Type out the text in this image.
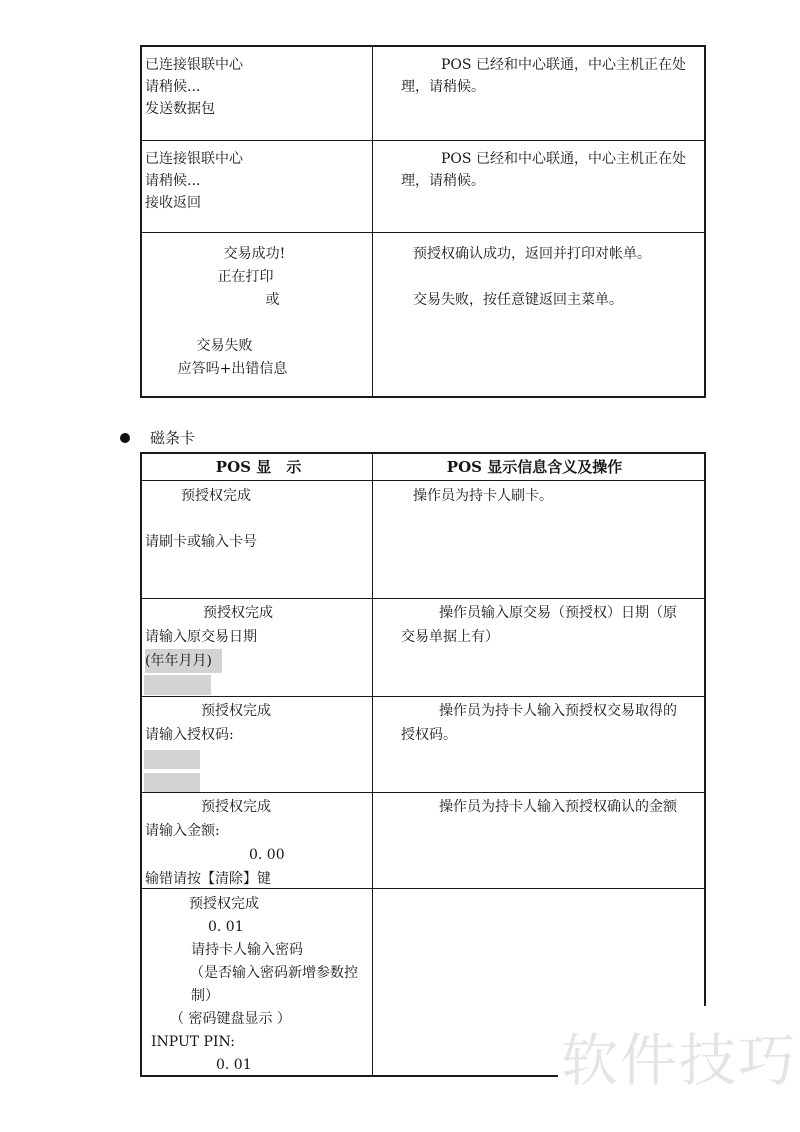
已连接银联中心
请稍候...
发送数据包
POS 已经和中心联通，中心主机正在处
理，请稍候。
已连接银联中心
请稍候...
接收返回
POS 已经和中心联通，中心主机正在处
理，请稍候。
交易成功!
正在打印
或
交易失败
应答吗+出错信息
预授权确认成功，返回并打印对帐单。
交易失败，按任意键返回主菜单。
磁条卡
POS 显　示	POS 显示信息含义及操作
预授权完成
请刷卡或输入卡号
操作员为持卡人刷卡。
预授权完成
请输入原交易日期
(年年月月)
操作员输入原交易（预授权）日期（原
交易单据上有）
预授权完成
请输入授权码:
操作员为持卡人输入预授权交易取得的
授权码。
预授权完成
请输入金额:
0. 00
输错请按【清除】键
操作员为持卡人输入预授权确认的金额
预授权完成
0. 01
请持卡人输入密码
（是否输入密码新增参数控
制）
（ 密码键盘显示 ）
INPUT PIN:
0. 01	软件技巧
